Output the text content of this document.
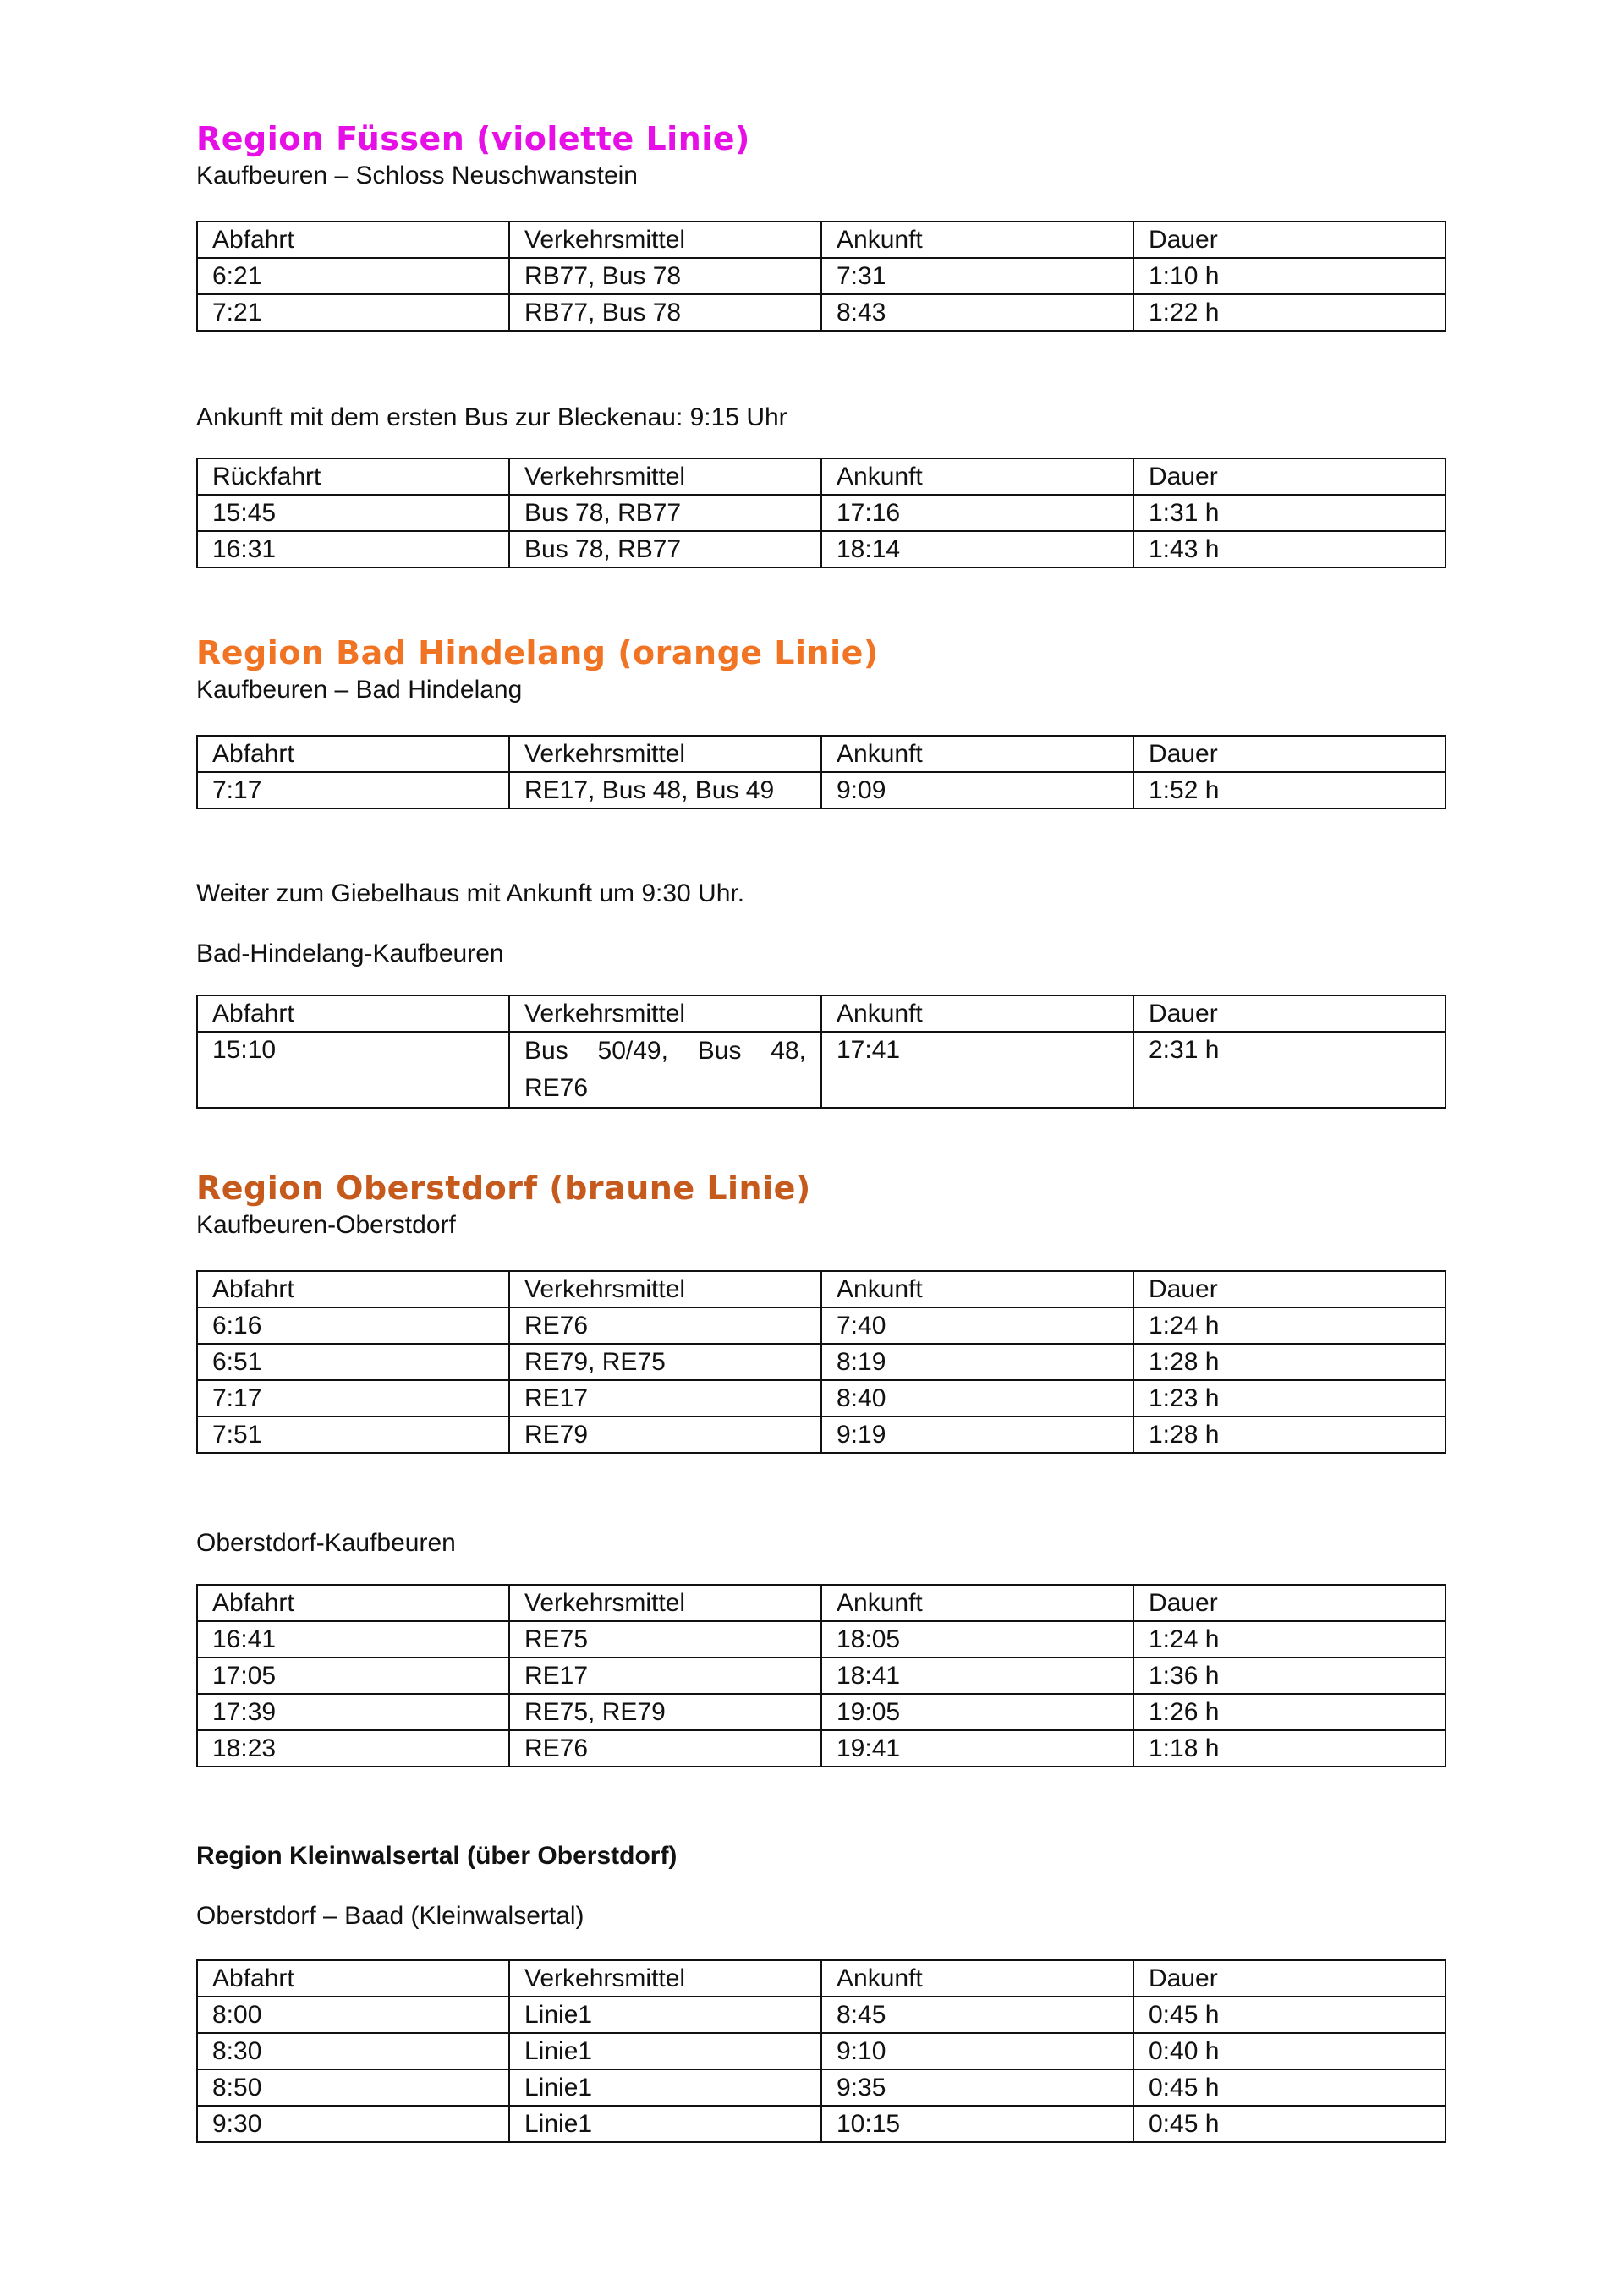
Region Füssen (violette Linie)

Kaufbeuren – Schloss Neuschwanstein

Abfahrt	Verkehrsmittel	Ankunft	Dauer
6:21	RB77, Bus 78	7:31	1:10 h
7:21	RB77, Bus 78	8:43	1:22 h

Ankunft mit dem ersten Bus zur Bleckenau: 9:15 Uhr

Rückfahrt	Verkehrsmittel	Ankunft	Dauer
15:45	Bus 78, RB77	17:16	1:31 h
16:31	Bus 78, RB77	18:14	1:43 h
Region Bad Hindelang (orange Linie)

Kaufbeuren – Bad Hindelang

Abfahrt	Verkehrsmittel	Ankunft	Dauer
7:17	RE17, Bus 48, Bus 49	9:09	1:52 h

Weiter zum Giebelhaus mit Ankunft um 9:30 Uhr.

Bad-Hindelang-Kaufbeuren

Abfahrt	Verkehrsmittel	Ankunft	Dauer
15:10	Bus 50/49, Bus 48, RE76	17:41	2:31 h
Region Oberstdorf (braune Linie)

Kaufbeuren-Oberstdorf

Abfahrt	Verkehrsmittel	Ankunft	Dauer
6:16	RE76	7:40	1:24 h
6:51	RE79, RE75	8:19	1:28 h
7:17	RE17	8:40	1:23 h
7:51	RE79	9:19	1:28 h

Oberstdorf-Kaufbeuren

Abfahrt	Verkehrsmittel	Ankunft	Dauer
16:41	RE75	18:05	1:24 h
17:05	RE17	18:41	1:36 h
17:39	RE75, RE79	19:05	1:26 h
18:23	RE76	19:41	1:18 h

Region Kleinwalsertal (über Oberstdorf)

Oberstdorf – Baad (Kleinwalsertal)

Abfahrt	Verkehrsmittel	Ankunft	Dauer
8:00	Linie1	8:45	0:45 h
8:30	Linie1	9:10	0:40 h
8:50	Linie1	9:35	0:45 h
9:30	Linie1	10:15	0:45 h
